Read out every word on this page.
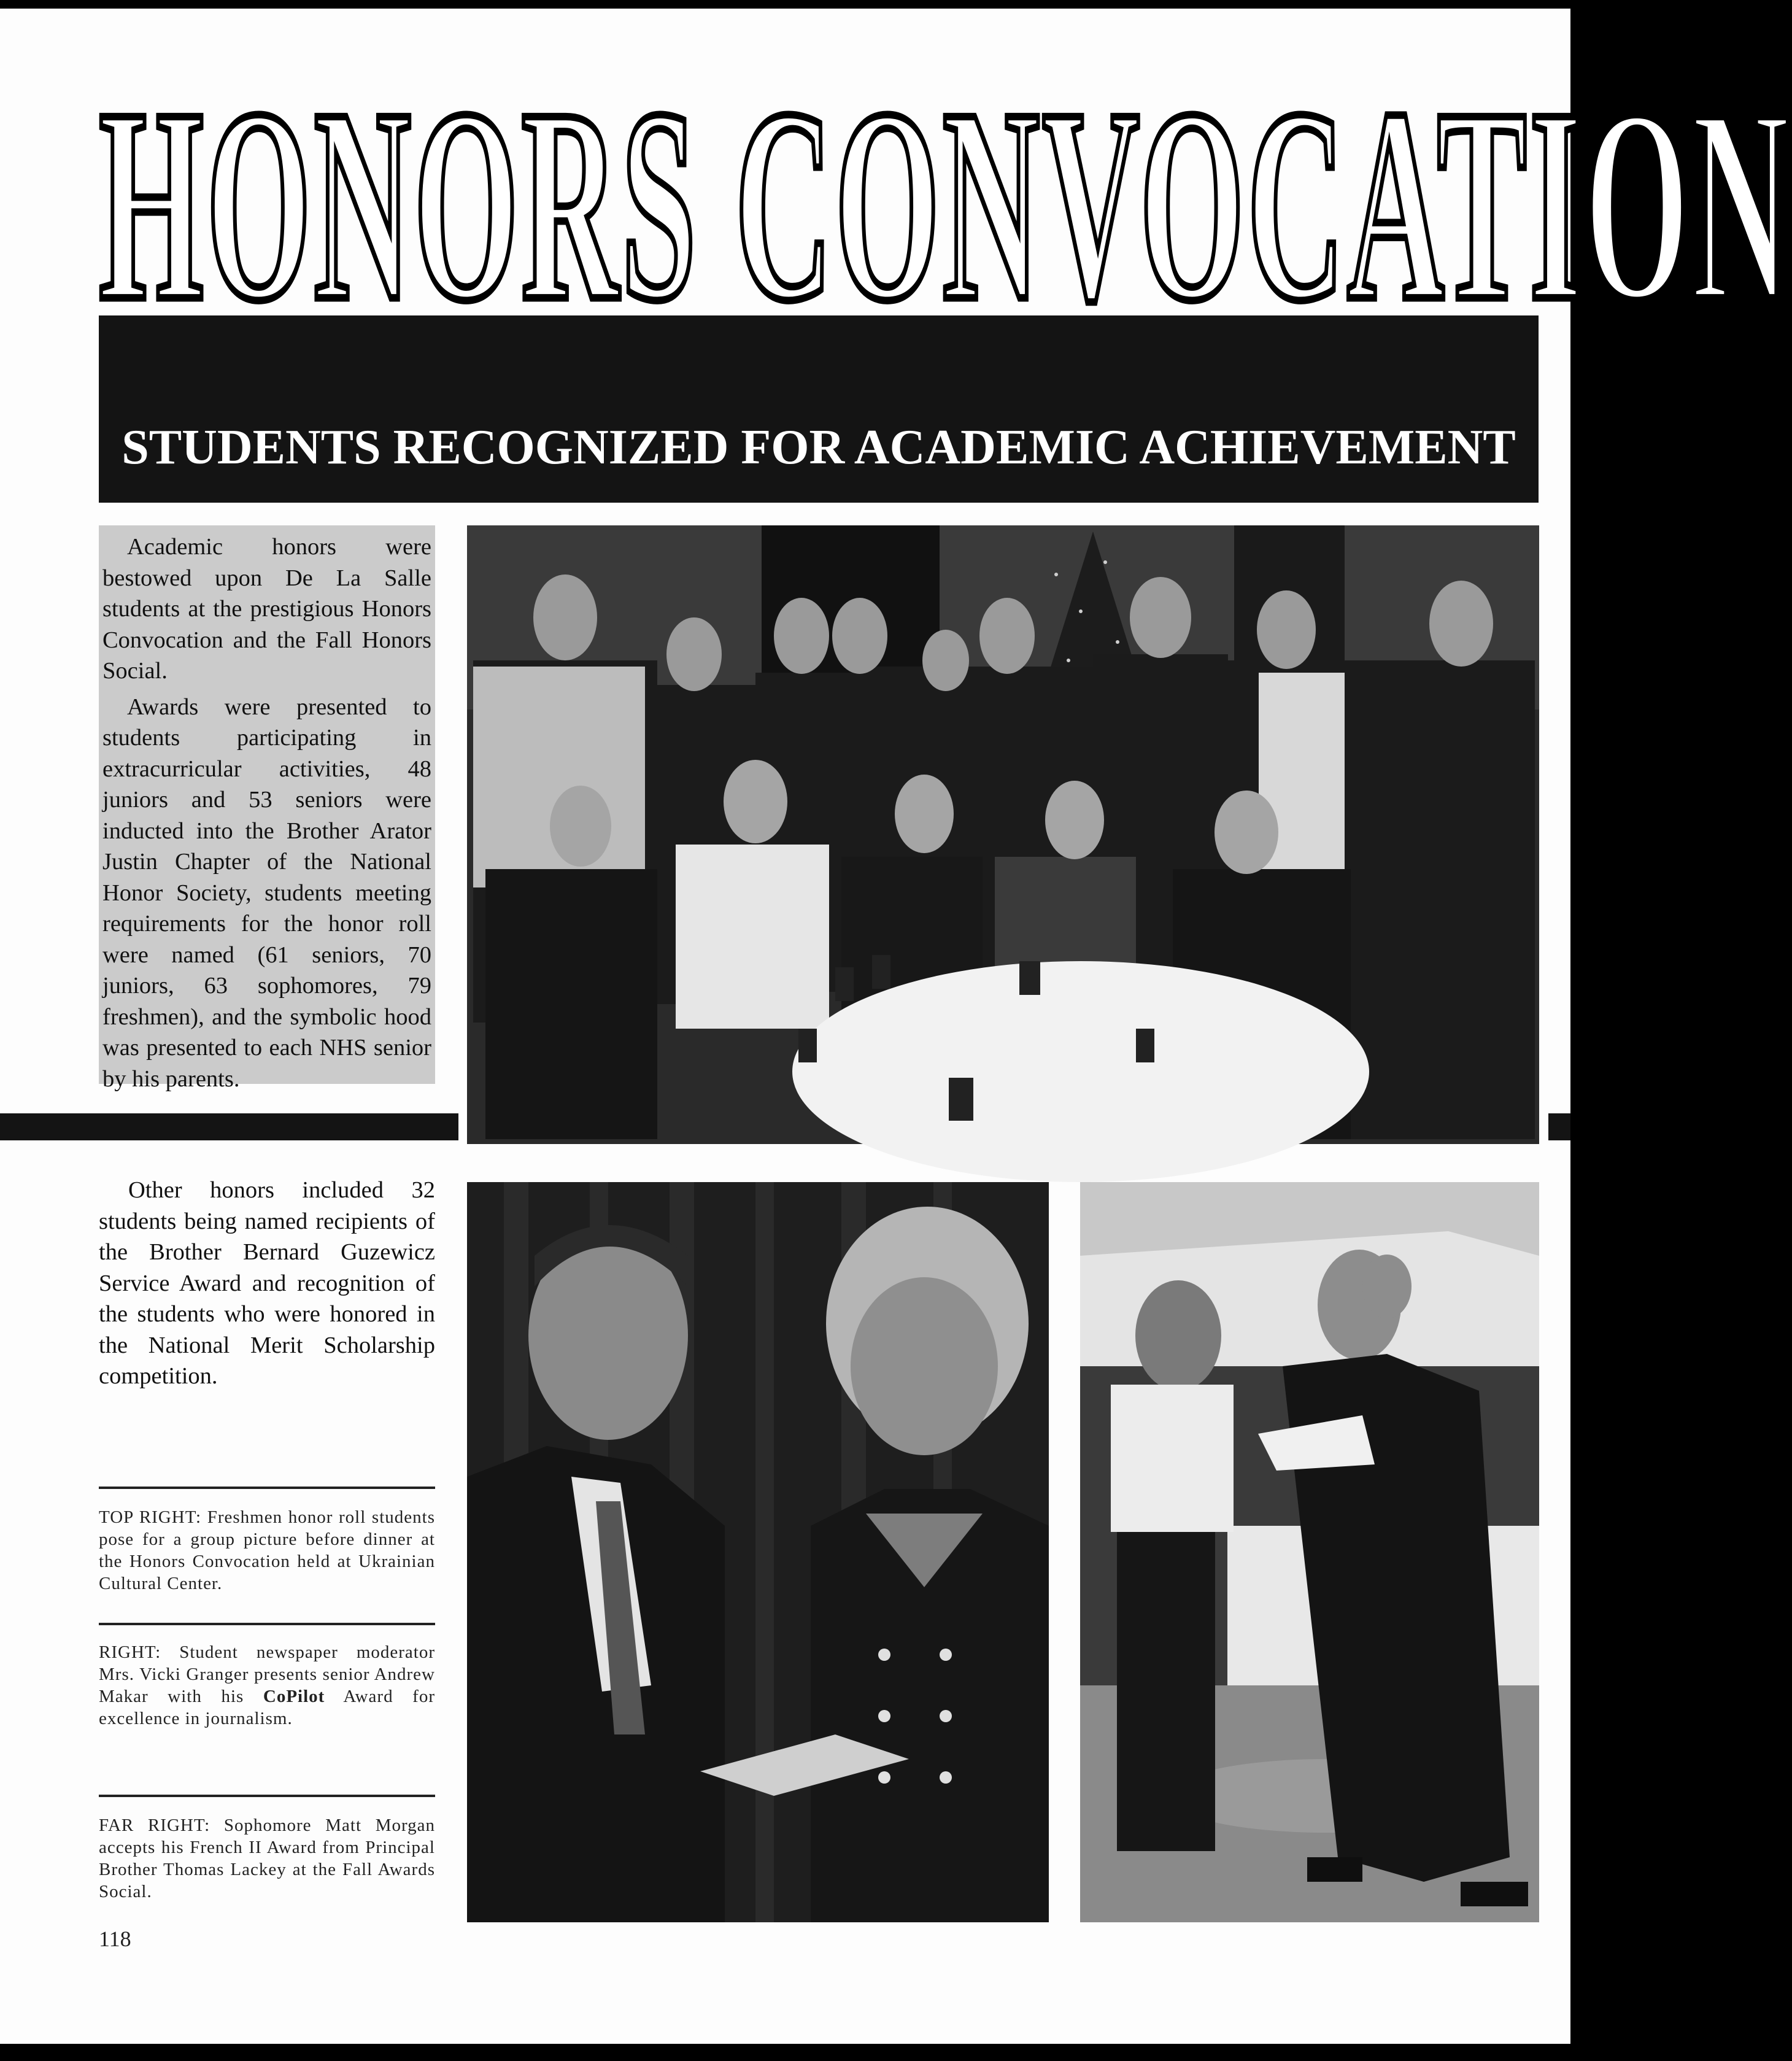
HONORS CONVOCATION
STUDENTS RECOGNIZED FOR ACADEMIC ACHIEVEMENT

Academic honors were bestowed upon De La Salle students at the prestigious Honors Convocation and the Fall Honors Social.

Awards were presented to students participating in extracurricular activities, 48 juniors and 53 seniors were inducted into the Brother Arator Justin Chapter of the National Honor Society, students meeting requirements for the honor roll were named (61 seniors, 70 juniors, 63 sophomores, 79 freshmen), and the symbolic hood was presented to each NHS senior by his parents.

Other honors included 32 students being named recipients of the Brother Bernard Guzewicz Service Award and recognition of the students who were honored in the National Merit Scholarship competition.

TOP RIGHT: Freshmen honor roll students pose for a group picture before dinner at the Honors Convocation held at Ukrainian Cultural Center.

RIGHT: Student newspaper moderator Mrs. Vicki Granger presents senior Andrew Makar with his CoPilot Award for excellence in journalism.

FAR RIGHT: Sophomore Matt Morgan accepts his French II Award from Principal Brother Thomas Lackey at the Fall Awards Social.

118
